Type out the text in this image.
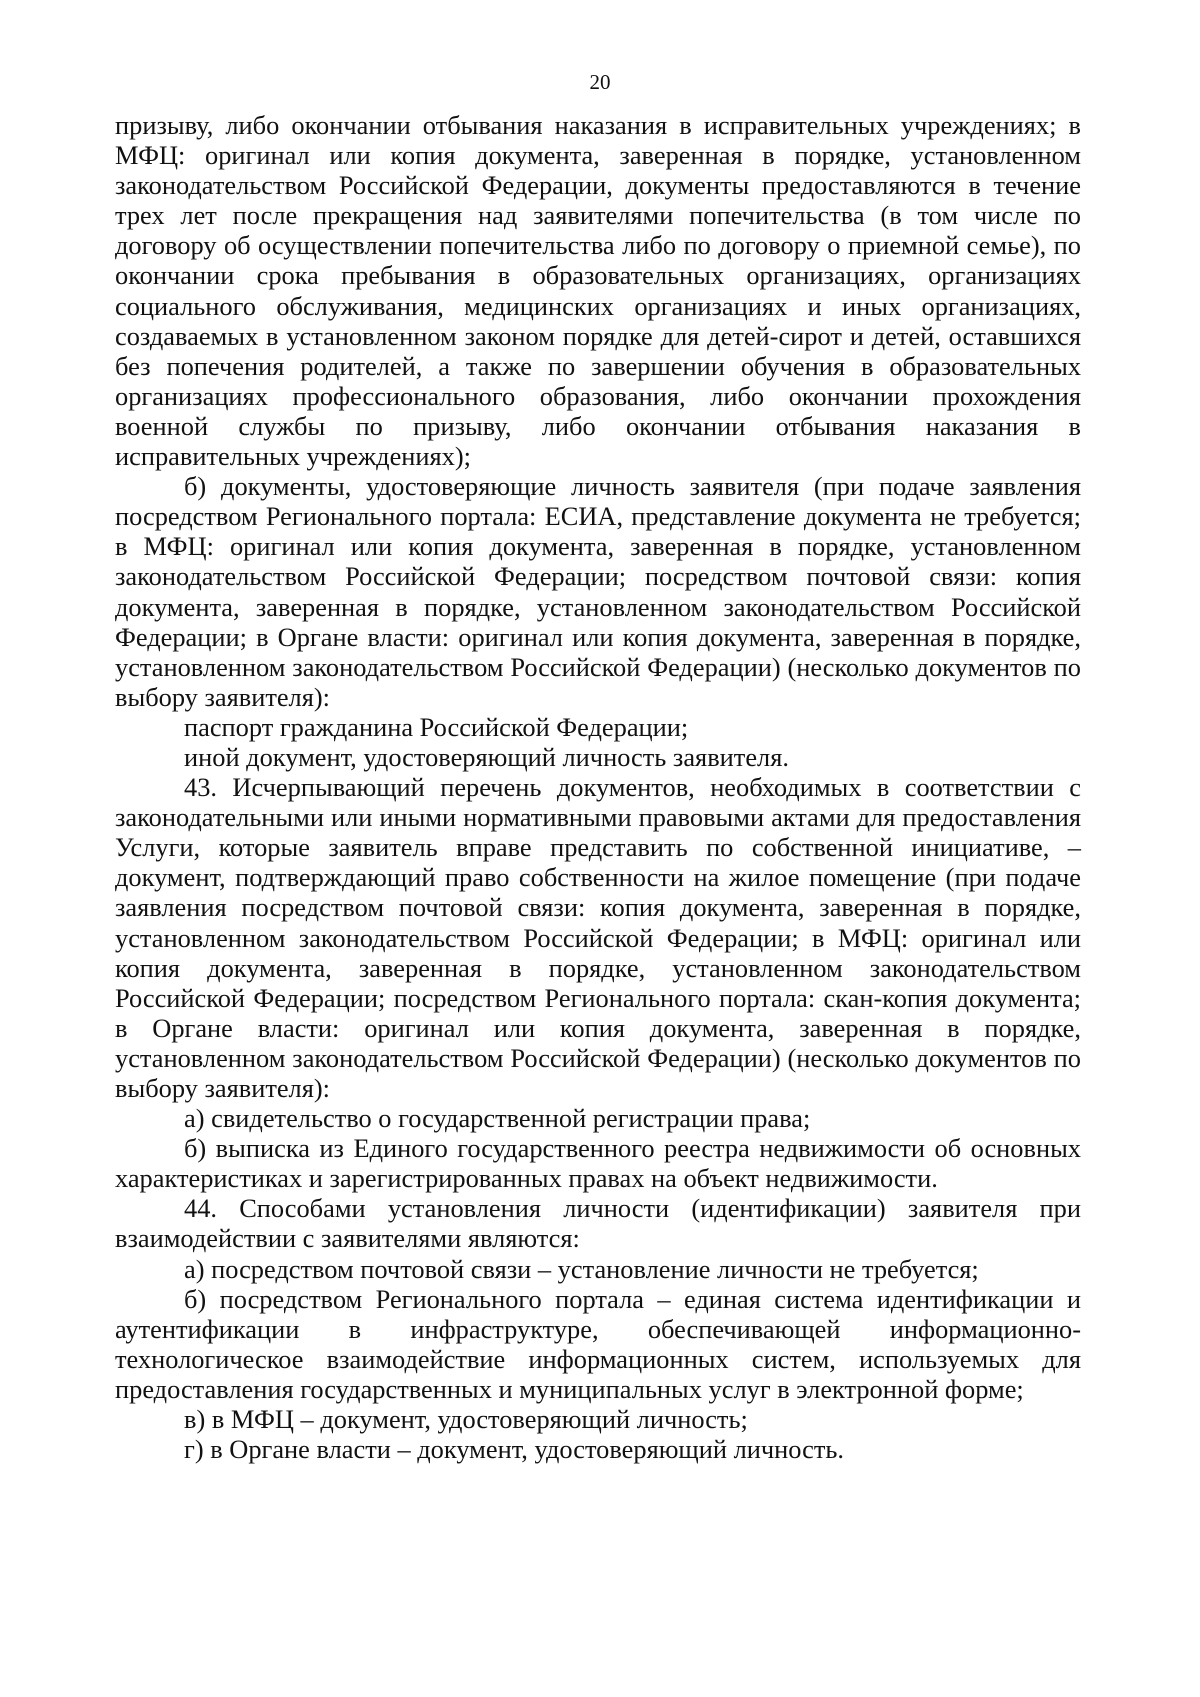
20

призыву, либо окончании отбывания наказания в исправительных учреждениях; в МФЦ: оригинал или копия документа, заверенная в порядке, установленном законодательством Российской Федерации, документы предоставляются в течение трех лет после прекращения над заявителями попечительства (в том числе по договору об осуществлении попечительства либо по договору о приемной семье), по окончании срока пребывания в образовательных организациях, организациях социального обслуживания, медицинских организациях и иных организациях, создаваемых в установленном законом порядке для детей-сирот и детей, оставшихся без попечения родителей, а также по завершении обучения в образовательных организациях профессионального образования, либо окончании прохождения военной службы по призыву, либо окончании отбывания наказания в исправительных учреждениях);

б) документы, удостоверяющие личность заявителя (при подаче заявления посредством Регионального портала: ЕСИА, представление документа не требуется; в МФЦ: оригинал или копия документа, заверенная в порядке, установленном законодательством Российской Федерации; посредством почтовой связи: копия документа, заверенная в порядке, установленном законодательством Российской Федерации; в Органе власти: оригинал или копия документа, заверенная в порядке, установленном законодательством Российской Федерации) (несколько документов по выбору заявителя):

паспорт гражданина Российской Федерации;

иной документ, удостоверяющий личность заявителя.

43. Исчерпывающий перечень документов, необходимых в соответствии с законодательными или иными нормативными правовыми актами для предоставления Услуги, которые заявитель вправе представить по собственной инициативе, – документ, подтверждающий право собственности на жилое помещение (при подаче заявления посредством почтовой связи: копия документа, заверенная в порядке, установленном законодательством Российской Федерации; в МФЦ: оригинал или копия документа, заверенная в порядке, установленном законодательством Российской Федерации; посредством Регионального портала: скан-копия документа; в Органе власти: оригинал или копия документа, заверенная в порядке, установленном законодательством Российской Федерации) (несколько документов по выбору заявителя):

а) свидетельство о государственной регистрации права;

б) выписка из Единого государственного реестра недвижимости об основных характеристиках и зарегистрированных правах на объект недвижимости.

44. Способами установления личности (идентификации) заявителя при взаимодействии с заявителями являются:

а) посредством почтовой связи – установление личности не требуется;

б) посредством Регионального портала – единая система идентификации и аутентификации в инфраструктуре, обеспечивающей информационно-технологическое взаимодействие информационных систем, используемых для предоставления государственных и муниципальных услуг в электронной форме;

в) в МФЦ – документ, удостоверяющий личность;

г) в Органе власти – документ, удостоверяющий личность.
